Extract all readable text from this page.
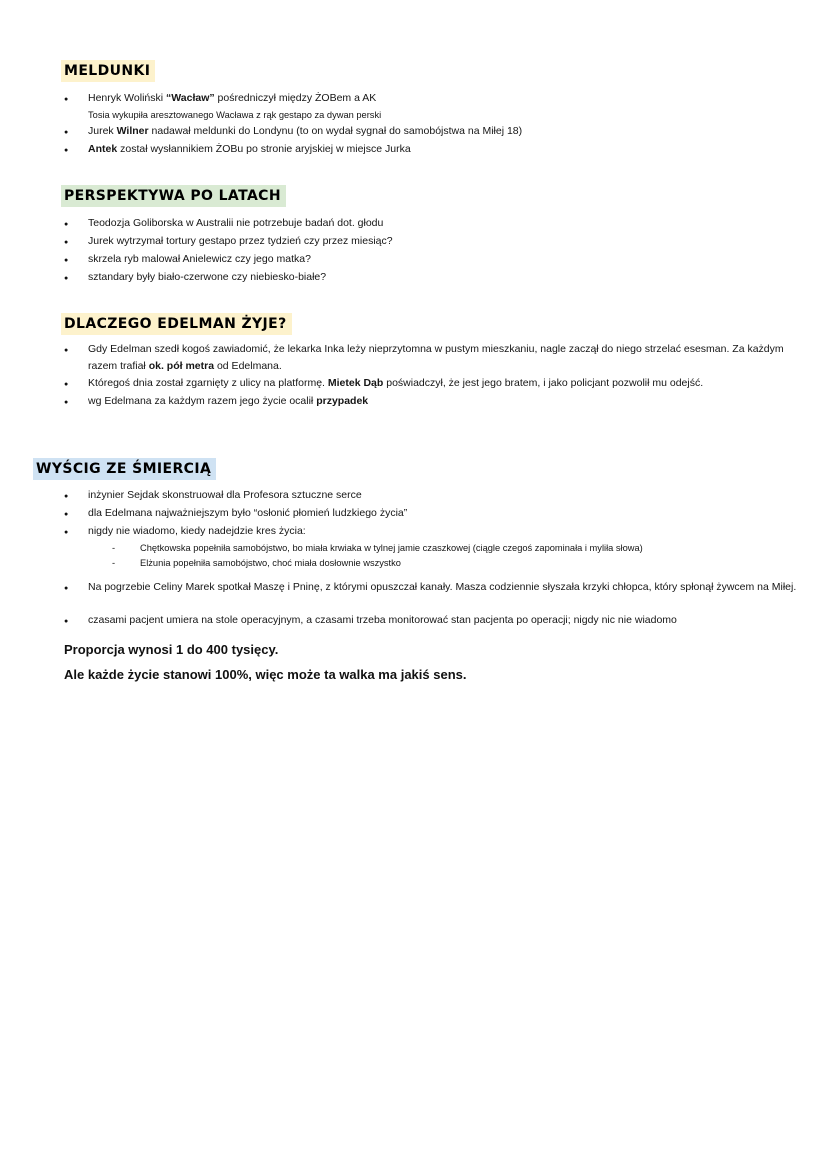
MELDUNKI
●	Henryk Woliński “Wacław” pośredniczył między ŻOBem a AK
Tosia wykupiła aresztowanego Wacława z rąk gestapo za dywan perski
●	Jurek Wilner nadawał meldunki do Londynu (to on wydał sygnał do samobójstwa na Miłej 18)
●	Antek został wysłannikiem ŻOBu po stronie aryjskiej w miejsce Jurka
PERSPEKTYWA PO LATACH
●	Teodozja Goliborska w Australii nie potrzebuje badań dot. głodu
●	Jurek wytrzymał tortury gestapo przez tydzień czy przez miesiąc?
●	skrzela ryb malował Anielewicz czy jego matka?
●	sztandary były biało-czerwone czy niebiesko-białe?
DLACZEGO EDELMAN ŻYJE?
●	Gdy Edelman szedł kogoś zawiadomić, że lekarka Inka leży nieprzytomna w pustym mieszkaniu, nagle zaczął do niego strzelać esesman. Za każdym razem trafiał ok. pół metra od Edelmana.
●	Któregoś dnia został zgarnięty z ulicy na platformę. Mietek Dąb poświadczył, że jest jego bratem, i jako policjant pozwolił mu odejść.
●	wg Edelmana za każdym razem jego życie ocalił przypadek
WYŚCIG ZE ŚMIERCIĄ
●	inżynier Sejdak skonstruował dla Profesora sztuczne serce
●	dla Edelmana najważniejszym było “osłonić płomień ludzkiego życia”
●	nigdy nie wiadomo, kiedy nadejdzie kres życia:
-	Chętkowska popełniła samobójstwo, bo miała krwiaka w tylnej jamie czaszkowej (ciągle czegoś zapominała i myliła słowa)
-	Elżunia popełniła samobójstwo, choć miała dosłownie wszystko
●	Na pogrzebie Celiny Marek spotkał Maszę i Pninę, z którymi opuszczał kanały. Masza codziennie słyszała krzyki chłopca, który spłonął żywcem na Miłej.
●	czasami pacjent umiera na stole operacyjnym, a czasami trzeba monitorować stan pacjenta po operacji; nigdy nic nie wiadomo
Proporcja wynosi 1 do 400 tysięcy.
Ale każde życie stanowi 100%, więc może ta walka ma jakiś sens.
